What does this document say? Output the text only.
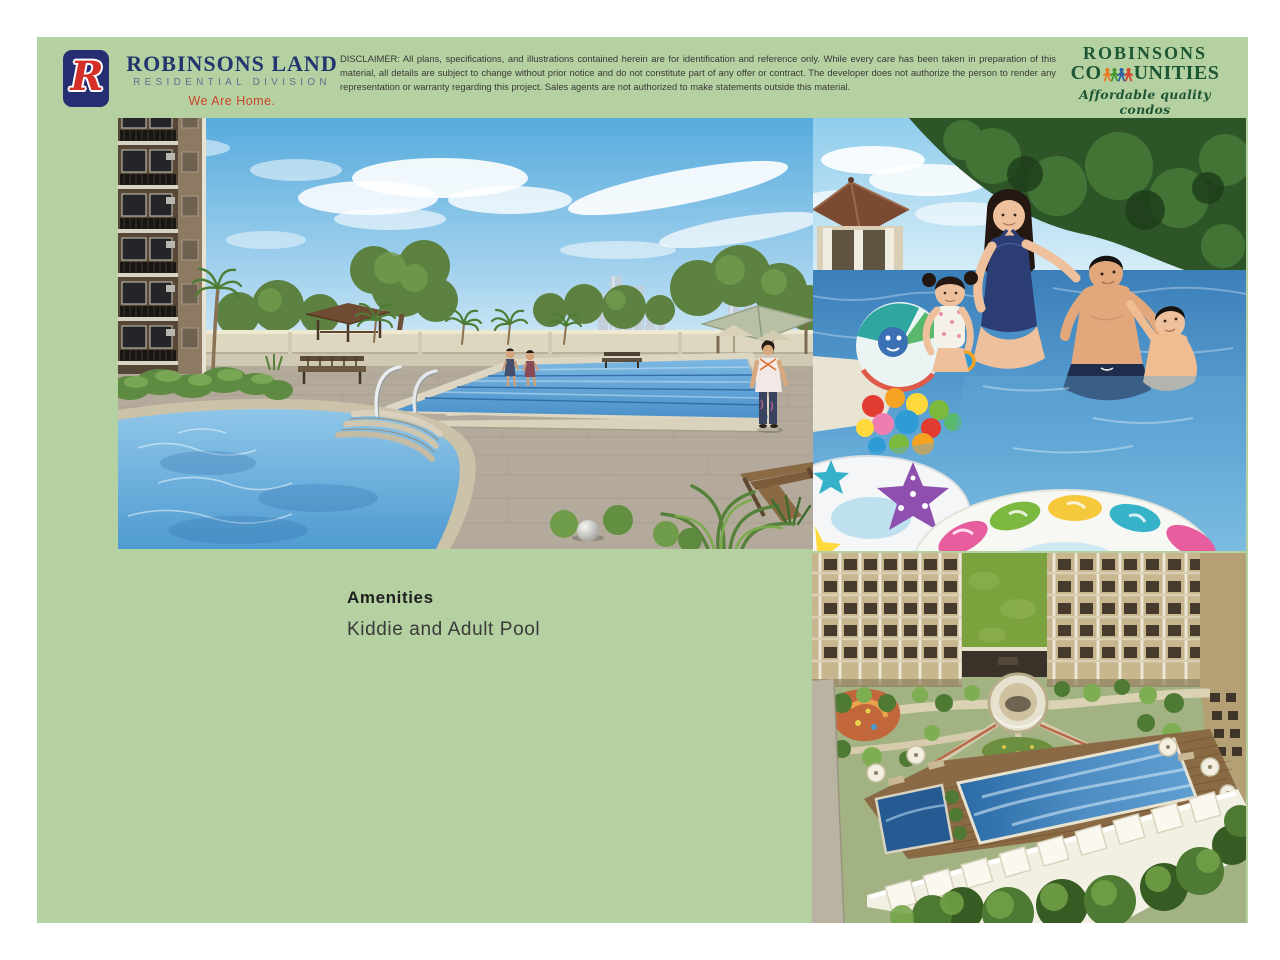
R ROBINSONS LAND
RESIDENTIAL DIVISION
We Are Home.
DISCLAIMER: All plans, specifications, and illustrations contained herein are for identification and reference only. While every care has been taken in preparation of this material, all details are subject to change without prior notice and do not constitute part of any offer or contract. The developer does not authorize the person to render any representation or warranty regarding this project. Sales agents are not authorized to make statements outside this material.
ROBINSONS
CO UNITIES
Affordable quality condos
Amenities
Kiddie and Adult Pool
